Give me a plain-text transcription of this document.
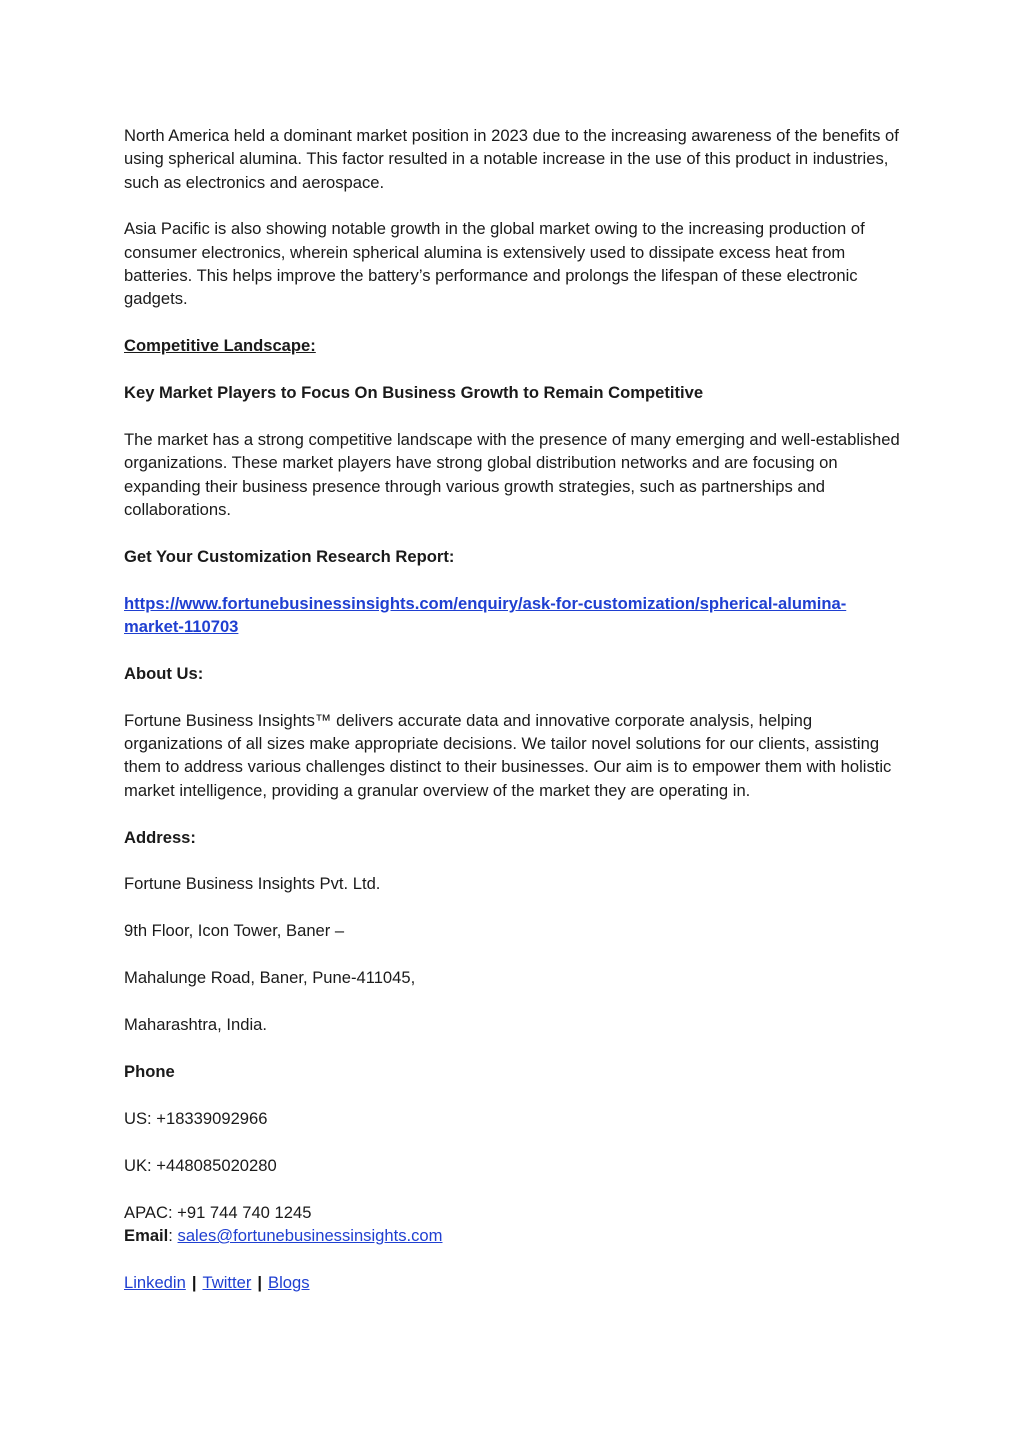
North America held a dominant market position in 2023 due to the increasing awareness of the benefits of using spherical alumina. This factor resulted in a notable increase in the use of this product in industries, such as electronics and aerospace.

Asia Pacific is also showing notable growth in the global market owing to the increasing production of consumer electronics, wherein spherical alumina is extensively used to dissipate excess heat from batteries. This helps improve the battery’s performance and prolongs the lifespan of these electronic gadgets.

Competitive Landscape:

Key Market Players to Focus On Business Growth to Remain Competitive

The market has a strong competitive landscape with the presence of many emerging and well-established organizations. These market players have strong global distribution networks and are focusing on expanding their business presence through various growth strategies, such as partnerships and collaborations.

Get Your Customization Research Report:

https://www.fortunebusinessinsights.com/enquiry/ask-for-customization/spherical-alumina-
market-110703

About Us:

Fortune Business Insights™ delivers accurate data and innovative corporate analysis, helping organizations of all sizes make appropriate decisions. We tailor novel solutions for our clients, assisting them to address various challenges distinct to their businesses. Our aim is to empower them with holistic market intelligence, providing a granular overview of the market they are operating in.

Address:

Fortune Business Insights Pvt. Ltd.

9th Floor, Icon Tower, Baner –

Mahalunge Road, Baner, Pune-411045,

Maharashtra, India.

Phone

US: +18339092966

UK: +448085020280

APAC: +91 744 740 1245

Email: sales@fortunebusinessinsights.com

Linkedin | Twitter | Blogs
